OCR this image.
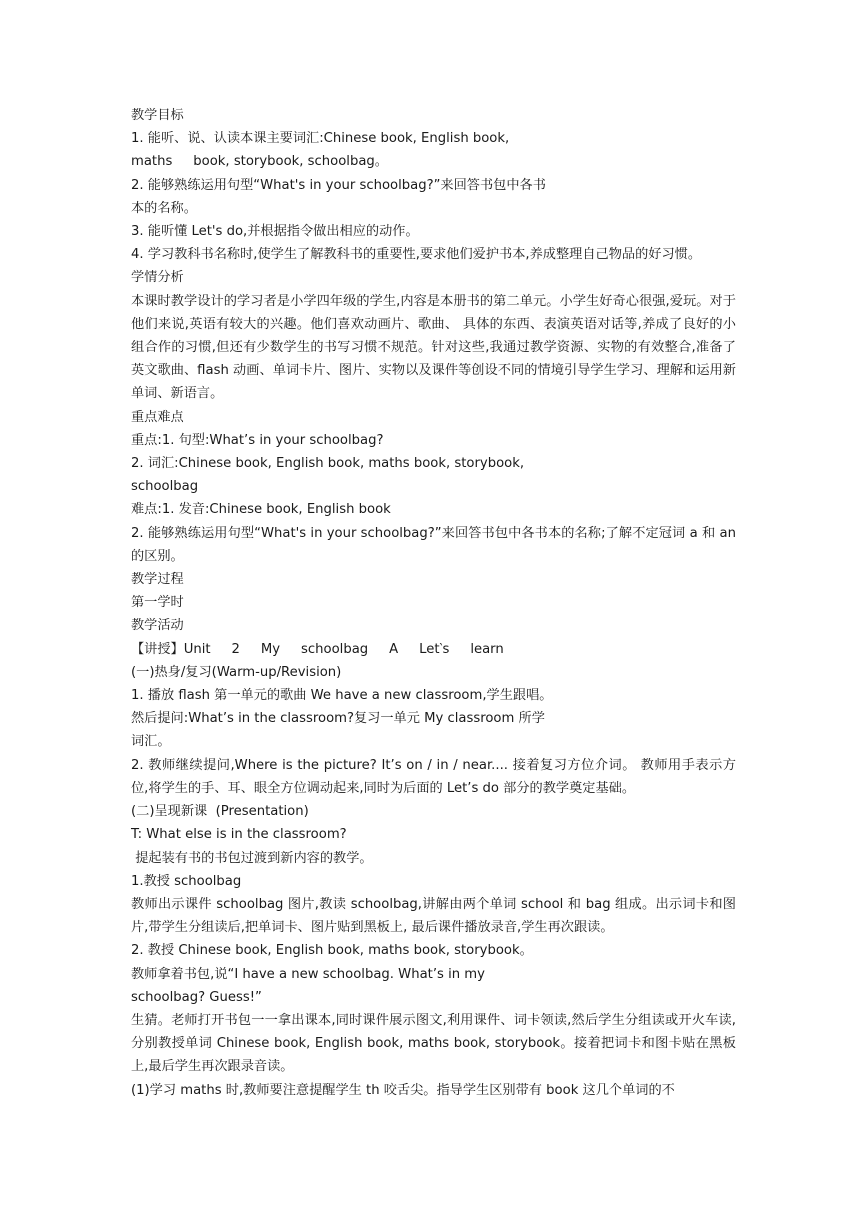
教学目标
1. 能听、说、认读本课主要词汇:Chinese book, English book,
maths     book, storybook, schoolbag。
2. 能够熟练运用句型“What's in your schoolbag?”来回答书包中各书
本的名称。
3. 能听懂 Let's do,并根据指令做出相应的动作。
4. 学习教科书名称时,使学生了解教科书的重要性,要求他们爱护书本,养成整理自己物品的好习惯。
学情分析
本课时教学设计的学习者是小学四年级的学生,内容是本册书的第二单元。小学生好奇心很强,爱玩。对于他们来说,英语有较大的兴趣。他们喜欢动画片、歌曲、 具体的东西、表演英语对话等,养成了良好的小组合作的习惯,但还有少数学生的书写习惯不规范。针对这些,我通过教学资源、实物的有效整合,准备了英文歌曲、flash 动画、单词卡片、图片、实物以及课件等创设不同的情境引导学生学习、理解和运用新单词、新语言。
重点难点
重点:1. 句型:What’s in your schoolbag?
2. 词汇:Chinese book, English book, maths book, storybook,
schoolbag
难点:1. 发音:Chinese book, English book
2. 能够熟练运用句型“What's in your schoolbag?”来回答书包中各书本的名称;了解不定冠词 a 和 an 的区别。
教学过程
第一学时
教学活动
【讲授】Unit     2     My     schoolbag     A     Let‵s     learn
(一)热身/复习(Warm-up/Revision)
1. 播放 flash 第一单元的歌曲 We have a new classroom,学生跟唱。
然后提问:What’s in the classroom?复习一单元 My classroom 所学
词汇。
2. 教师继续提问,Where is the picture? It’s on / in / near.... 接着复习方位介词。 教师用手表示方位,将学生的手、耳、眼全方位调动起来,同时为后面的 Let’s do 部分的教学奠定基础。
(二)呈现新课  (Presentation)
T: What else is in the classroom?
提起装有书的书包过渡到新内容的教学。
1.教授 schoolbag
教师出示课件 schoolbag 图片,教读 schoolbag,讲解由两个单词 school 和 bag 组成。出示词卡和图片,带学生分组读后,把单词卡、图片贴到黑板上, 最后课件播放录音,学生再次跟读。
2. 教授 Chinese book, English book, maths book, storybook。
教师拿着书包,说“I have a new schoolbag. What’s in my
schoolbag? Guess!”
生猜。老师打开书包一一拿出课本,同时课件展示图文,利用课件、词卡领读,然后学生分组读或开火车读,分别教授单词 Chinese book, English book, maths book, storybook。接着把词卡和图卡贴在黑板上,最后学生再次跟录音读。
(1)学习 maths 时,教师要注意提醒学生 th 咬舌尖。指导学生区别带有 book 这几个单词的不
